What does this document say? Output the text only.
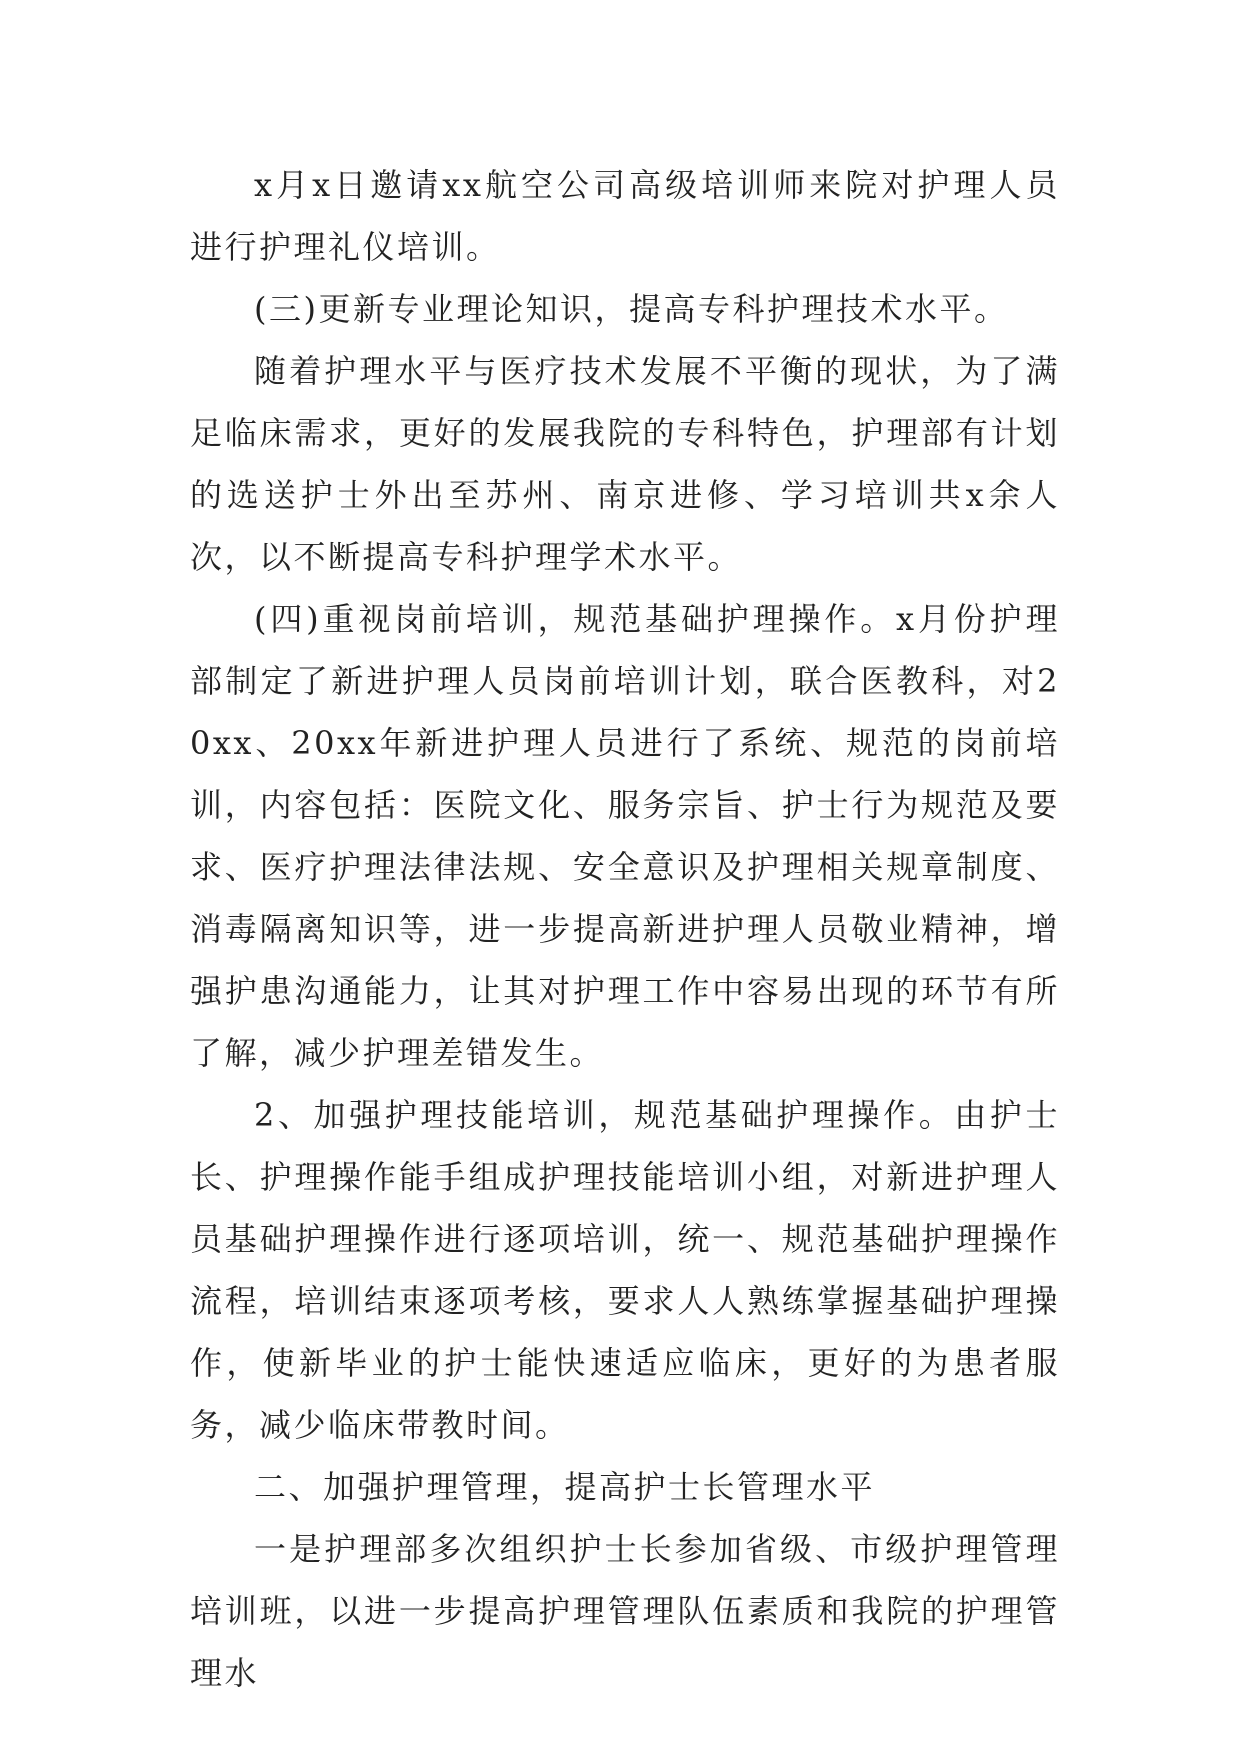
x月x日邀请xx航空公司高级培训师来院对护理人员进行护理礼仪培训。

(三)更新专业理论知识，提高专科护理技术水平。

随着护理水平与医疗技术发展不平衡的现状，为了满足临床需求，更好的发展我院的专科特色，护理部有计划的选送护士外出至苏州、南京进修、学习培训共x余人次，以不断提高专科护理学术水平。

(四)重视岗前培训，规范基础护理操作。x月份护理部制定了新进护理人员岗前培训计划，联合医教科，对20xx、20xx年新进护理人员进行了系统、规范的岗前培训，内容包括：医院文化、服务宗旨、护士行为规范及要求、医疗护理法律法规、安全意识及护理相关规章制度、消毒隔离知识等，进一步提高新进护理人员敬业精神，增强护患沟通能力，让其对护理工作中容易出现的环节有所了解，减少护理差错发生。

2、加强护理技能培训，规范基础护理操作。由护士长、护理操作能手组成护理技能培训小组，对新进护理人员基础护理操作进行逐项培训，统一、规范基础护理操作流程，培训结束逐项考核，要求人人熟练掌握基础护理操作，使新毕业的护士能快速适应临床，更好的为患者服务，减少临床带教时间。

二、加强护理管理，提高护士长管理水平

一是护理部多次组织护士长参加省级、市级护理管理培训班，以进一步提高护理管理队伍素质和我院的护理管理水
